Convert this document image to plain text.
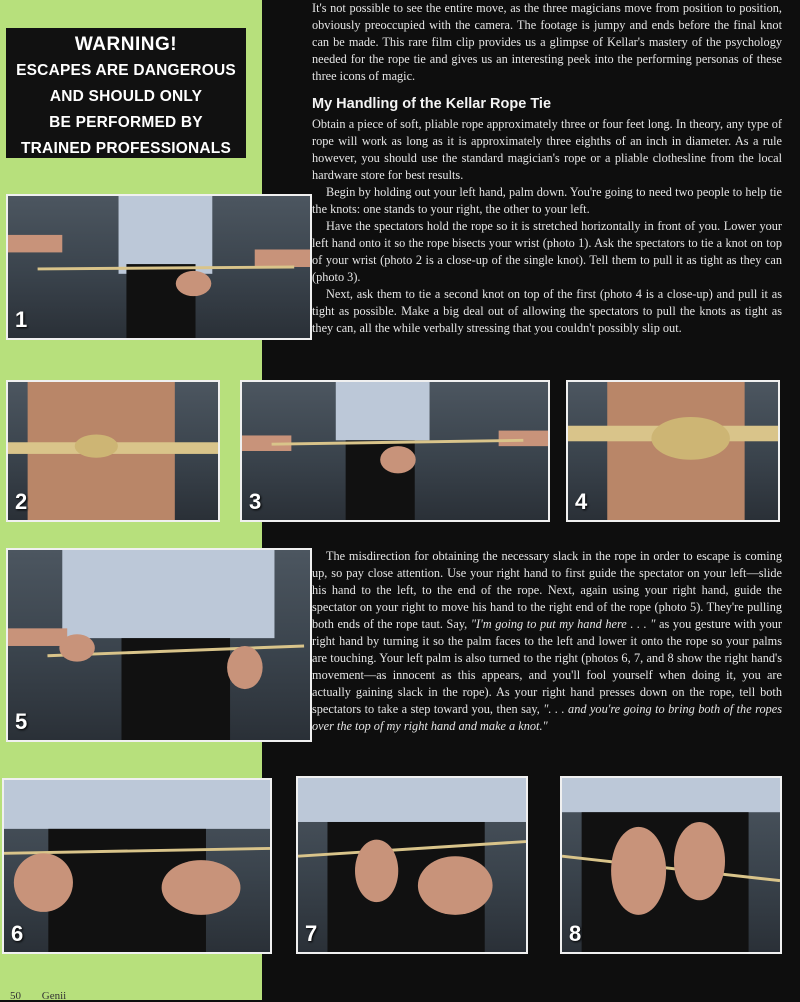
WARNING!
ESCAPES ARE DANGEROUS
AND SHOULD ONLY
BE PERFORMED BY
TRAINED PROFESSIONALS

It's not possible to see the entire move, as the three magicians move from position to position, obviously preoccupied with the camera. The footage is jumpy and ends before the final knot can be made. This rare film clip provides us a glimpse of Kellar's mastery of the psychology needed for the rope tie and gives us an interesting peek into the performing personas of these three icons of magic.

My Handling of the Kellar Rope Tie

Obtain a piece of soft, pliable rope approximately three or four feet long. In theory, any type of rope will work as long as it is approximately three eighths of an inch in diameter. As a rule however, you should use the standard magician's rope or a pliable clothesline from the local hardware store for best results.

Begin by holding out your left hand, palm down. You're going to need two people to help tie the knots: one stands to your right, the other to your left.

Have the spectators hold the rope so it is stretched horizontally in front of you. Lower your left hand onto it so the rope bisects your wrist (photo 1). Ask the spectators to tie a knot on top of your wrist (photo 2 is a close-up of the single knot). Tell them to pull it as tight as they can (photo 3).

Next, ask them to tie a second knot on top of the first (photo 4 is a close-up) and pull it as tight as possible. Make a big deal out of allowing the spectators to pull the knots as tight as they can, all the while verbally stressing that you couldn't possibly slip out.

The misdirection for obtaining the necessary slack in the rope in order to escape is coming up, so pay close attention. Use your right hand to first guide the spectator on your left—slide his hand to the left, to the end of the rope. Next, again using your right hand, guide the spectator on your right to move his hand to the right end of the rope (photo 5). They're pulling both ends of the rope taut. Say, "I'm going to put my hand here . . . " as you gesture with your right hand by turning it so the palm faces to the left and lower it onto the rope so your palms are touching. Your left palm is also turned to the right (photos 6, 7, and 8 show the right hand's movement—as innocent as this appears, and you'll fool yourself when doing it, you are actually gaining slack in the rope). As your right hand presses down on the rope, tell both spectators to take a step toward you, then say, ". . . and you're going to bring both of the ropes over the top of my right hand and make a knot."

1
2	3	4
5
6	7	8
50 Genii
